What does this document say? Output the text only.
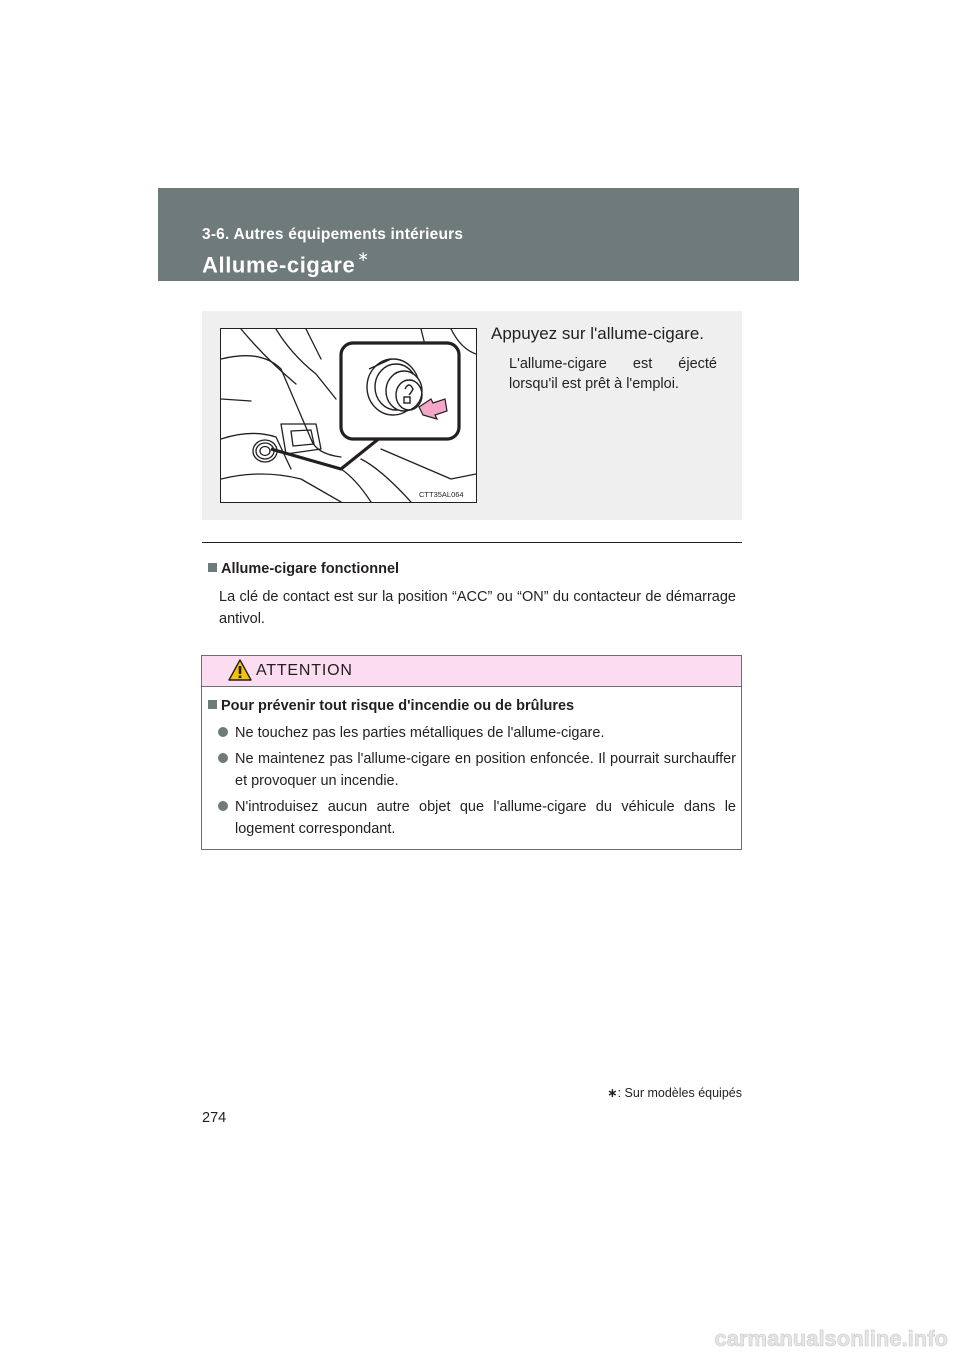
3-6. Autres équipements intérieurs
Allume-cigare ∗
CTT35AL064
Appuyez sur l'allume-cigare.
L'allume-cigare est éjecté lorsqu'il est prêt à l'emploi.
Allume-cigare fonctionnel
La clé de contact est sur la position “ACC” ou “ON” du contacteur de démarrage antivol.
ATTENTION
Pour prévenir tout risque d'incendie ou de brûlures
Ne touchez pas les parties métalliques de l'allume-cigare.
Ne maintenez pas l'allume-cigare en position enfoncée. Il pourrait surchauffer et provoquer un incendie.
N'introduisez aucun autre objet que l'allume-cigare du véhicule dans le logement correspondant.
∗: Sur modèles équipés
274
carmanualsonline.info
